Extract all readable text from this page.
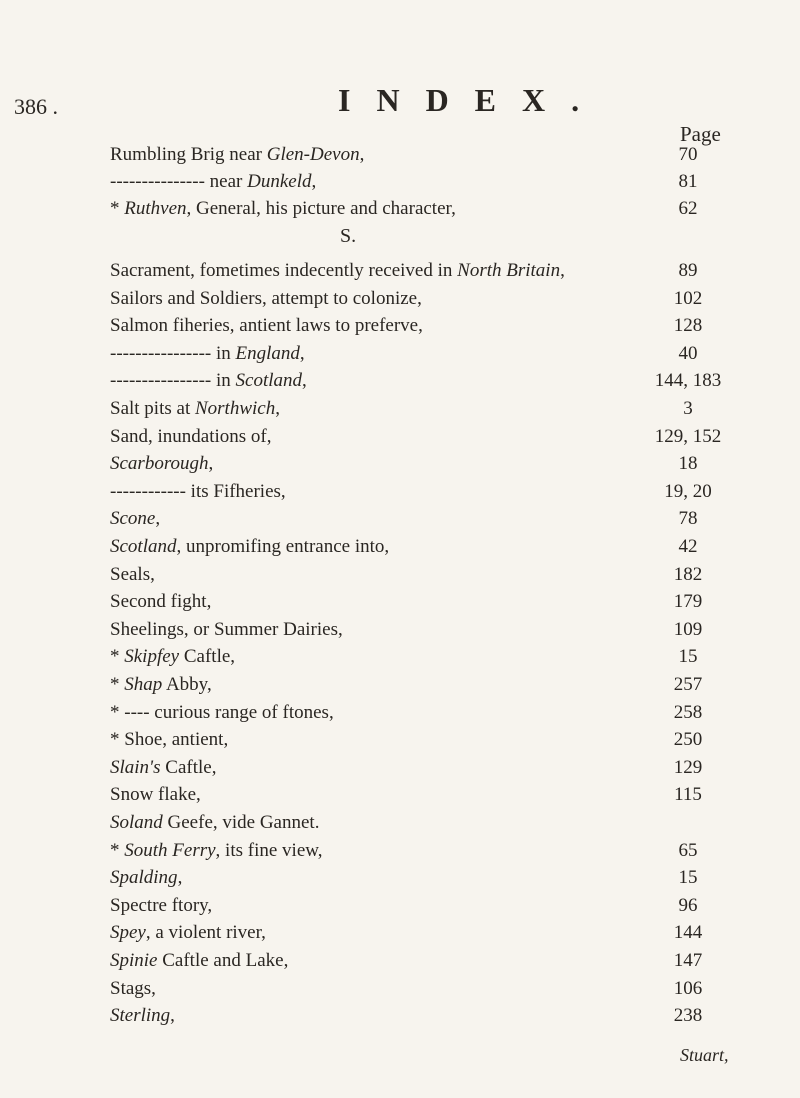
386 .	INDEX.
Page
Rumbling Brig near Glen-Devon,	70
--------------- near Dunkeld,	81
* Ruthven, General, his picture and character,	62
S.
Sacrament, fometimes indecently received in North Britain,	89
Sailors and Soldiers, attempt to colonize,	102
Salmon fiheries, antient laws to preferve,	128
---------------- in England,	40
---------------- in Scotland,	144, 183
Salt pits at Northwich,	3
Sand, inundations of,	129, 152
Scarborough,	18
------------ its Fifheries,	19, 20
Scone,	78
Scotland, unpromifing entrance into,	42
Seals,	182
Second fight,	179
Sheelings, or Summer Dairies,	109
* Skipfey Caftle,	15
* Shap Abby,	257
* ---- curious range of ftones,	258
* Shoe, antient,	250
Slain's Caftle,	129
Snow flake,	115
Soland Geefe, vide Gannet.
* South Ferry, its fine view,	65
Spalding,	15
Spectre ftory,	96
Spey, a violent river,	144
Spinie Caftle and Lake,	147
Stags,	106
Sterling,	238
Stuart,
